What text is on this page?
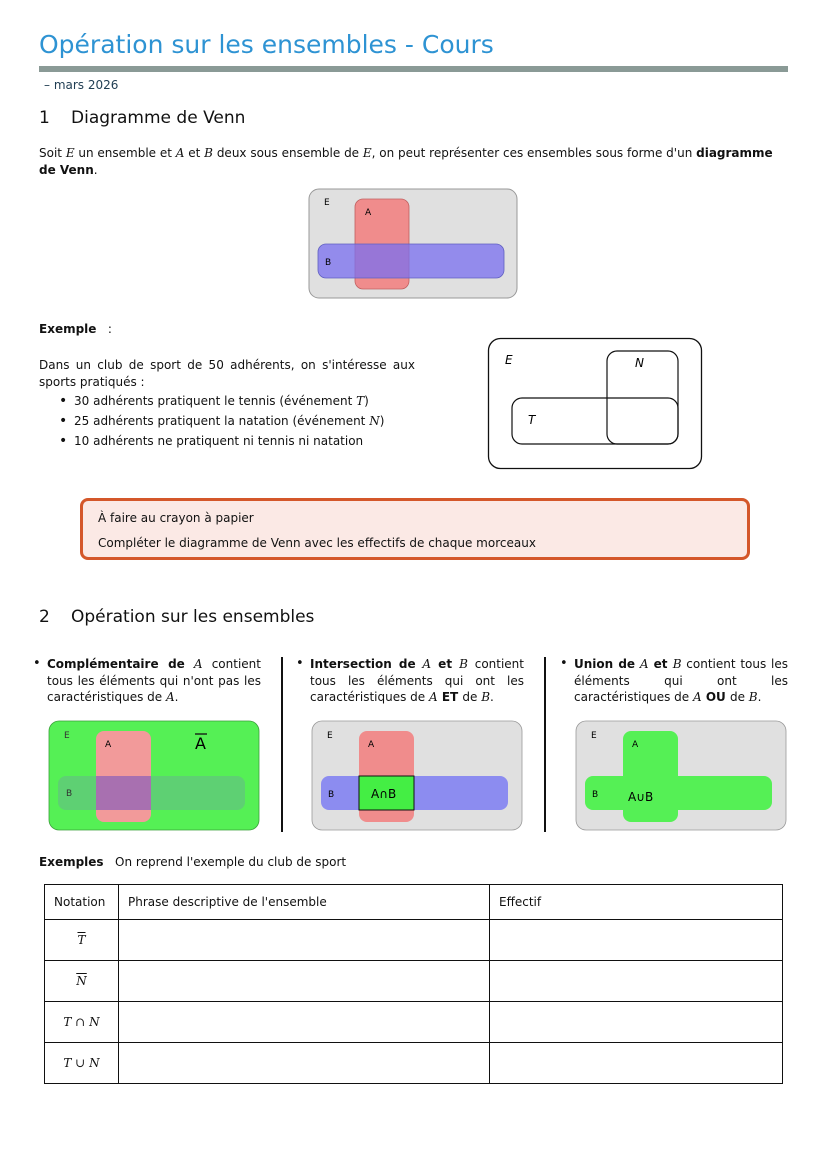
Opération sur les ensembles - Cours
– mars 2026
1 Diagramme de Venn
Soit E un ensemble et A et B deux sous ensemble de E, on peut représenter ces ensembles sous forme d'un diagramme de Venn.
E
A
B
Exemple :
Dans un club de sport de 50 adhérents, on s'intéresse aux sports pratiqués :
• 30 adhérents pratiquent le tennis (événement T)
• 25 adhérents pratiquent la natation (événement N)
• 10 adhérents ne pratiquent ni tennis ni natation
E	N
T
À faire au crayon à papier
Compléter le diagramme de Venn avec les effectifs de chaque morceaux
2 Opération sur les ensembles
• Complémentaire de A contient tous les éléments qui n'ont pas les caractéristiques de A.
E
A
B
A
• Intersection de A et B contient tous les éléments qui ont les caractéristiques de A ET de B.
E
A
B	A∩B
• Union de A et B contient tous les éléments qui ont les caractéristiques de A OU de B.
E
A
B A∪B
Exemples On reprend l'exemple du club de sport
Notation	Phrase descriptive de l'ensemble	Effectif
$\overline{T}$		
$\overline{N}$		
T ∩ N		
T ∪ N		
